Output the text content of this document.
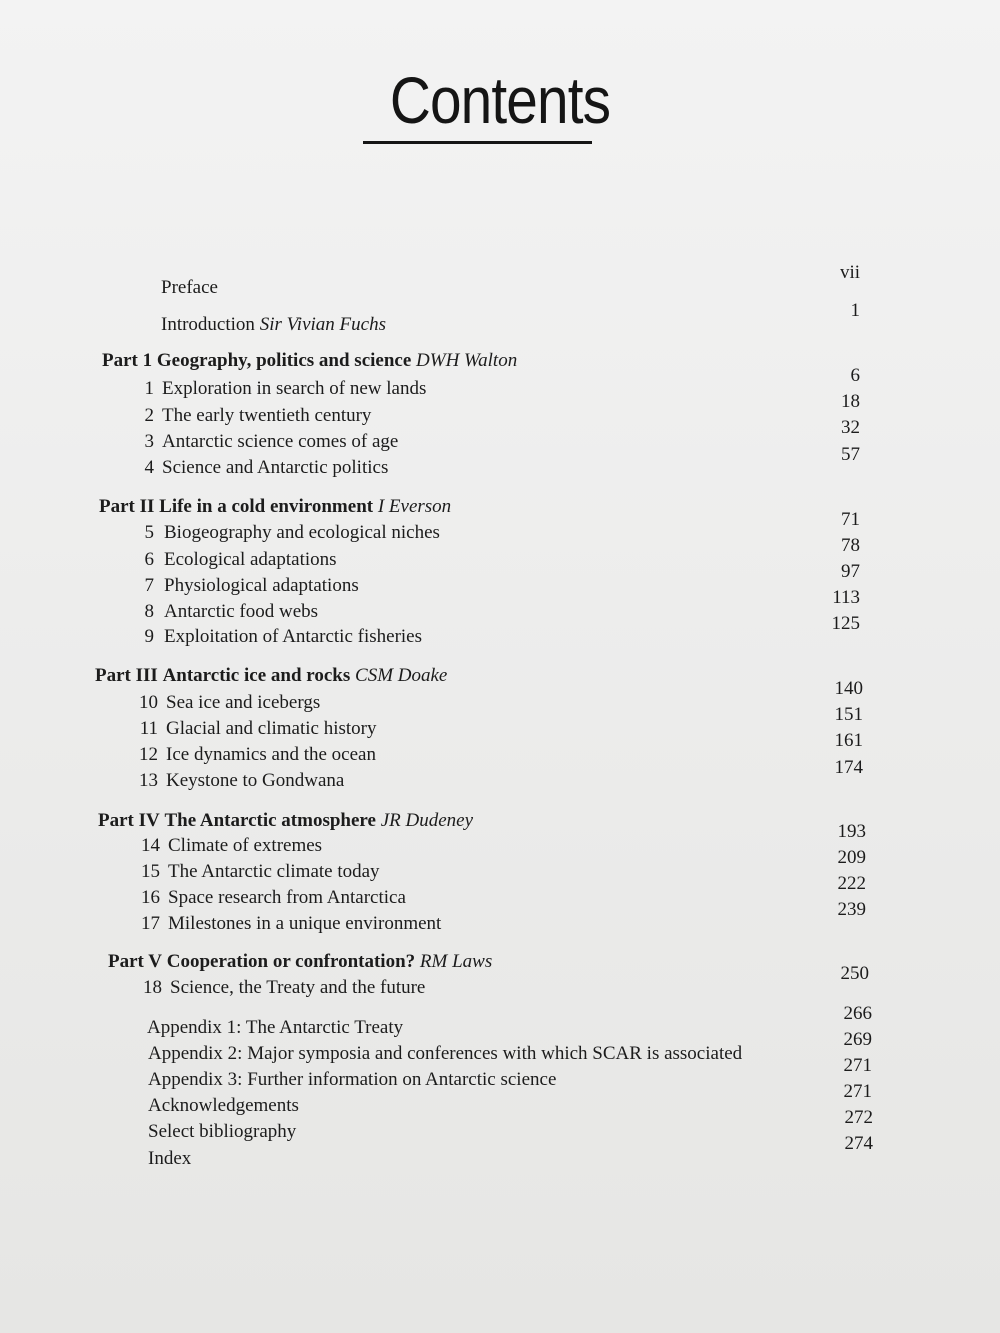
Contents
Preface
vii
Introduction Sir Vivian Fuchs
1
Part 1 Geography, politics and science DWH Walton
1 Exploration in search of new lands
6
2 The early twentieth century
18
3 Antarctic science comes of age
32
4 Science and Antarctic politics
57
Part II Life in a cold environment I Everson
5 Biogeography and ecological niches
71
6 Ecological adaptations
78
7 Physiological adaptations
97
8 Antarctic food webs
113
9 Exploitation of Antarctic fisheries
125
Part III Antarctic ice and rocks CSM Doake
10 Sea ice and icebergs
140
11 Glacial and climatic history
151
12 Ice dynamics and the ocean
161
13 Keystone to Gondwana
174
Part IV The Antarctic atmosphere JR Dudeney
14 Climate of extremes
193
15 The Antarctic climate today
209
16 Space research from Antarctica
222
17 Milestones in a unique environment
239
Part V Cooperation or confrontation? RM Laws
18 Science, the Treaty and the future
250
Appendix 1: The Antarctic Treaty
266
Appendix 2: Major symposia and conferences with which SCAR is associated
269
Appendix 3: Further information on Antarctic science
271
Acknowledgements
271
Select bibliography
272
Index
274
